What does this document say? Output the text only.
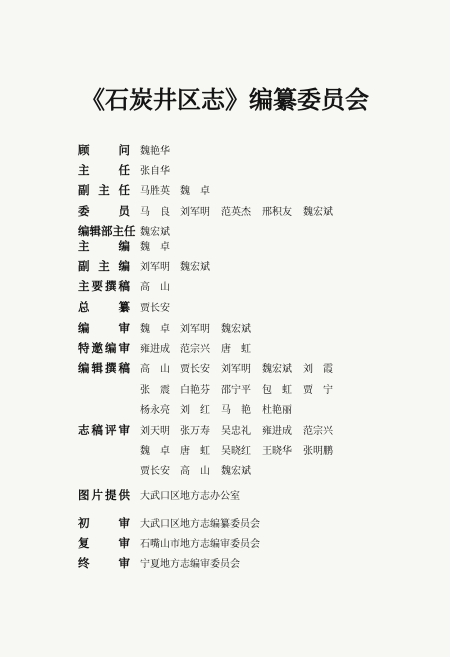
《石炭井区志》编纂委员会
顾问 魏艳华
主任 张自华
副主任 马胜英 魏卓
委员 马良 刘军明 范英杰 邢积友 魏宏斌
编辑部主任 魏宏斌
主编 魏卓
副主编 刘军明 魏宏斌
主要撰稿 高山
总纂 贾长安
编审 魏卓 刘军明 魏宏斌
特邀编审 雍进成 范宗兴 唐虹
编辑撰稿 高山 贾长安 刘军明 魏宏斌 刘霞
张震 白艳芬 邵宁平 包虹 贾宁
杨永亮 刘红 马艳 杜艳丽
志稿评审 刘天明 张万寿 吴忠礼 雍进成 范宗兴
魏卓 唐虹 吴晓红 王晓华 张明鹏
贾长安 高山 魏宏斌
图片提供 大武口区地方志办公室
初审 大武口区地方志编纂委员会
复审 石嘴山市地方志编审委员会
终审 宁夏地方志编审委员会
